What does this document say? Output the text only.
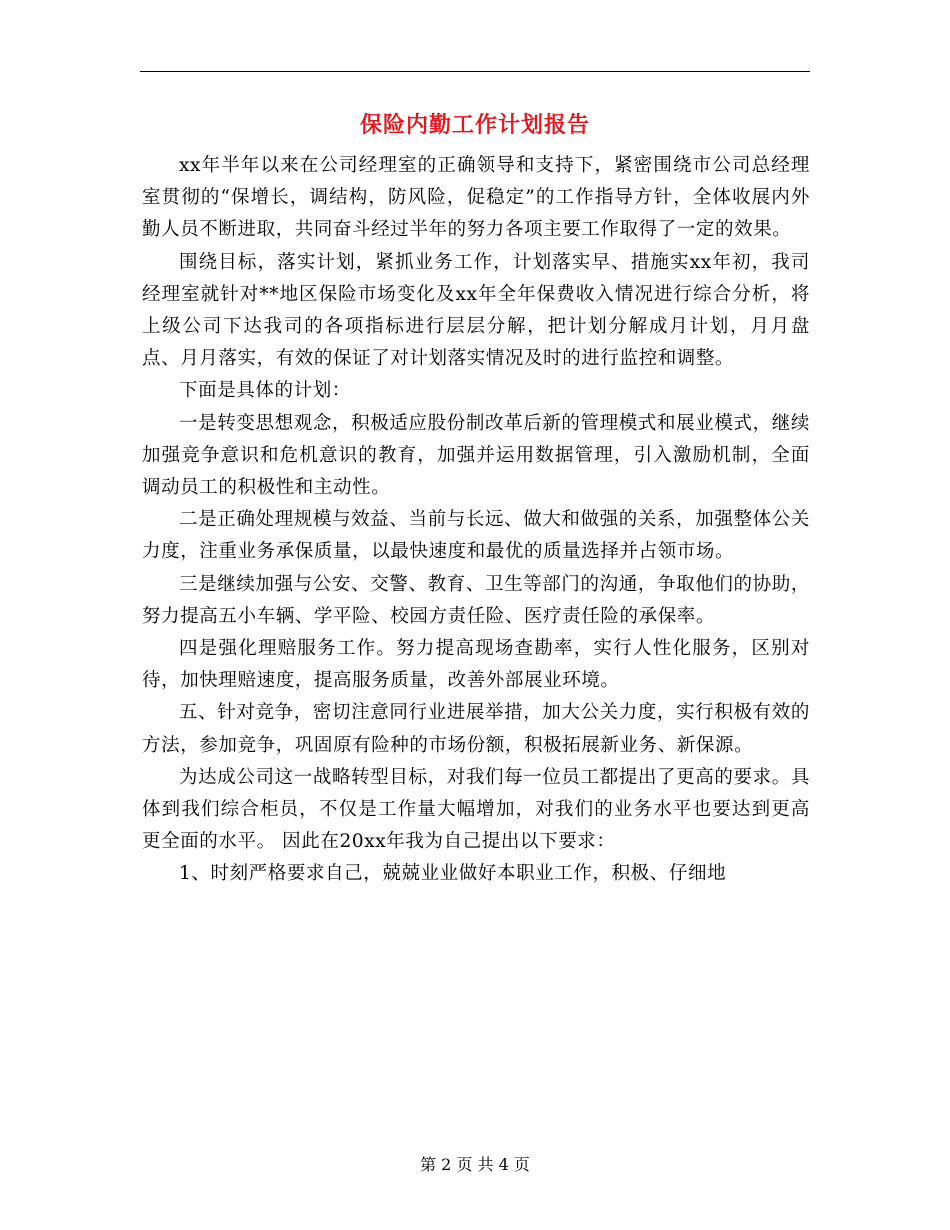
保险内勤工作计划报告

xx年半年以来在公司经理室的正确领导和支持下，紧密围绕市公司总经理室贯彻的“保增长，调结构，防风险，促稳定”的工作指导方针，全体收展内外勤人员不断进取，共同奋斗经过半年的努力各项主要工作取得了一定的效果。

围绕目标，落实计划，紧抓业务工作，计划落实早、措施实xx年初，我司经理室就针对**地区保险市场变化及xx年全年保费收入情况进行综合分析，将上级公司下达我司的各项指标进行层层分解，把计划分解成月计划，月月盘点、月月落实，有效的保证了对计划落实情况及时的进行监控和调整。

下面是具体的计划：

一是转变思想观念，积极适应股份制改革后新的管理模式和展业模式，继续加强竞争意识和危机意识的教育，加强并运用数据管理，引入激励机制，全面调动员工的积极性和主动性。

二是正确处理规模与效益、当前与长远、做大和做强的关系，加强整体公关力度，注重业务承保质量，以最快速度和最优的质量选择并占领市场。

三是继续加强与公安、交警、教育、卫生等部门的沟通，争取他们的协助，努力提高五小车辆、学平险、校园方责任险、医疗责任险的承保率。

四是强化理赔服务工作。努力提高现场查勘率，实行人性化服务，区别对待，加快理赔速度，提高服务质量，改善外部展业环境。

五、针对竞争，密切注意同行业进展举措，加大公关力度，实行积极有效的方法，参加竞争，巩固原有险种的市场份额，积极拓展新业务、新保源。

为达成公司这一战略转型目标，对我们每一位员工都提出了更高的要求。具体到我们综合柜员，不仅是工作量大幅增加，对我们的业务水平也要达到更高更全面的水平。 因此在20xx年我为自己提出以下要求：

1、时刻严格要求自己，兢兢业业做好本职业工作，积极、仔细地

第 2 页 共 4 页
